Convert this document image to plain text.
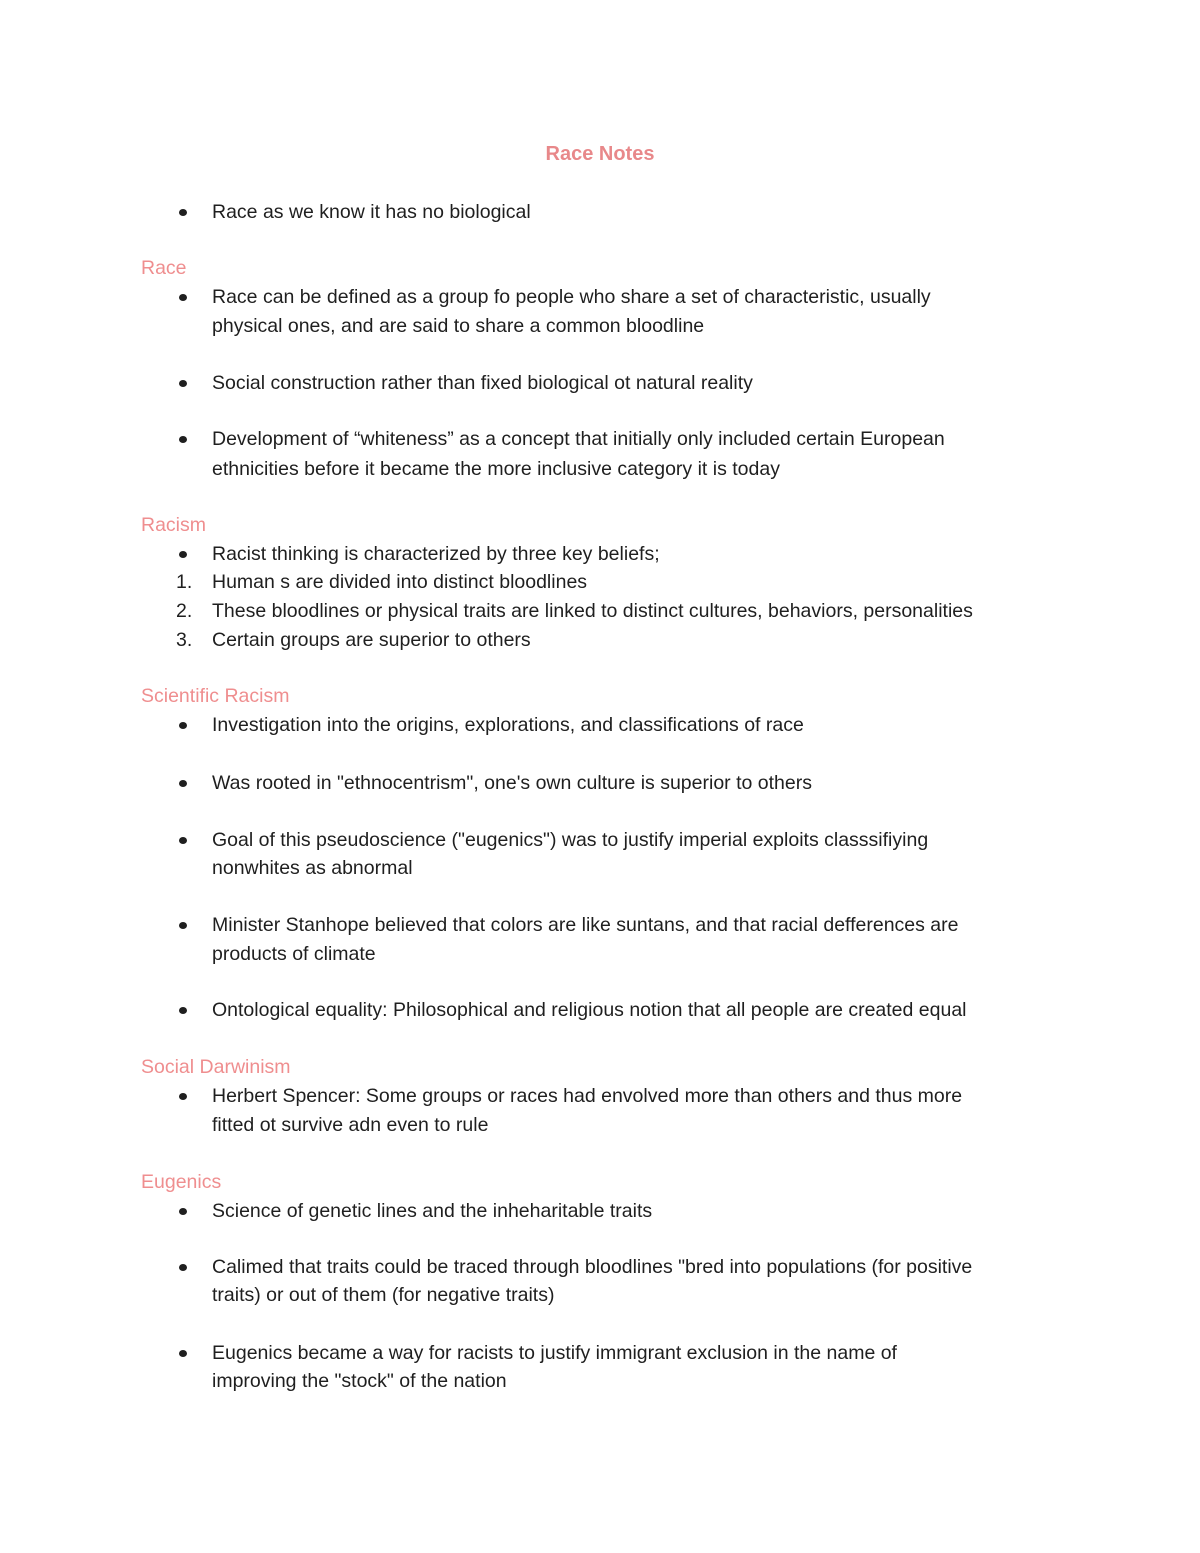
Race Notes
Race as we know it has no biological
Race
Race can be defined as a group fo people who share a set of characteristic, usually
physical ones, and are said to share a common bloodline
Social construction rather than fixed biological ot natural reality
Development of “whiteness” as a concept that initially only included certain European
ethnicities before it became the more inclusive category it is today
Racism
Racist thinking is characterized by three key beliefs;
1. Human s are divided into distinct bloodlines
2. These bloodlines or physical traits are linked to distinct cultures, behaviors, personalities
3. Certain groups are superior to others
Scientific Racism
Investigation into the origins, explorations, and classifications of race
Was rooted in "ethnocentrism", one's own culture is superior to others
Goal of this pseudoscience ("eugenics") was to justify imperial exploits classsifiying
nonwhites as abnormal
Minister Stanhope believed that colors are like suntans, and that racial defferences are
products of climate
Ontological equality: Philosophical and religious notion that all people are created equal
Social Darwinism
Herbert Spencer: Some groups or races had envolved more than others and thus more
fitted ot survive adn even to rule
Eugenics
Science of genetic lines and the inheharitable traits
Calimed that traits could be traced through bloodlines "bred into populations (for positive
traits) or out of them (for negative traits)
Eugenics became a way for racists to justify immigrant exclusion in the name of
improving the "stock" of the nation
